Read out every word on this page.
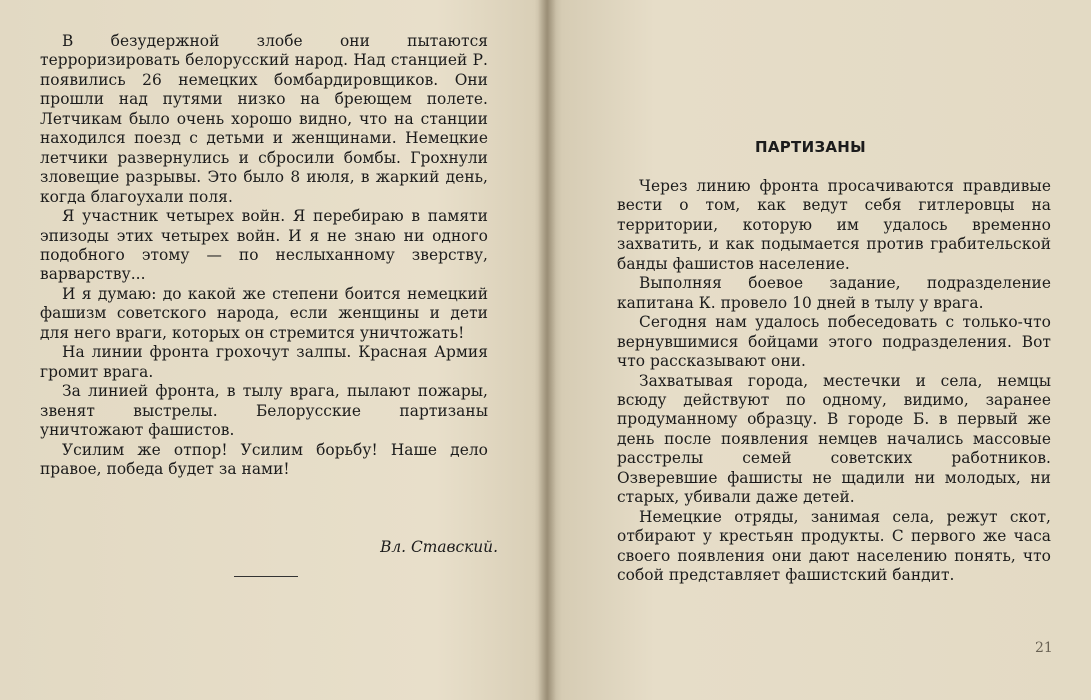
В безудержной злобе они пытаются терроризировать белорусский народ. Над станцией Р. появились 26 немецких бомбардировщиков. Они прошли над путями низко на бреющем полете. Летчикам было очень хорошо видно, что на станции находился поезд с детьми и женщинами. Немецкие летчики развернулись и сбросили бомбы. Грохнули зловещие разрывы. Это было 8 июля, в жаркий день, когда благоухали поля.

Я участник четырех войн. Я перебираю в памяти эпизоды этих четырех войн. И я не знаю ни одного подобного этому — по неслыханному зверству, варварству...

И я думаю: до какой же степени боится немецкий фашизм советского народа, если женщины и дети для него враги, которых он стремится уничтожать!

На линии фронта грохочут залпы. Красная Армия громит врага.

За линией фронта, в тылу врага, пылают пожары, звенят выстрелы. Белорусские партизаны уничтожают фашистов.

Усилим же отпор! Усилим борьбу! Наше дело правое, победа будет за нами!

Вл. Ставский.
ПАРТИЗАНЫ

Через линию фронта просачиваются правдивые вести о том, как ведут себя гитлеровцы на территории, которую им удалось временно захватить, и как подымается против грабительской банды фашистов население.

Выполняя боевое задание, подразделение капитана К. провело 10 дней в тылу у врага.

Сегодня нам удалось побеседовать с только-что вернувшимися бойцами этого подразделения. Вот что рассказывают они.

Захватывая города, местечки и села, немцы всюду действуют по одному, видимо, заранее продуманному образцу. В городе Б. в первый же день после появления немцев начались массовые расстрелы семей советских работников. Озверевшие фашисты не щадили ни молодых, ни старых, убивали даже детей.

Немецкие отряды, занимая села, режут скот, отбирают у крестьян продукты. С первого же часа своего появления они дают населению понять, что собой представляет фашистский бандит.

21
